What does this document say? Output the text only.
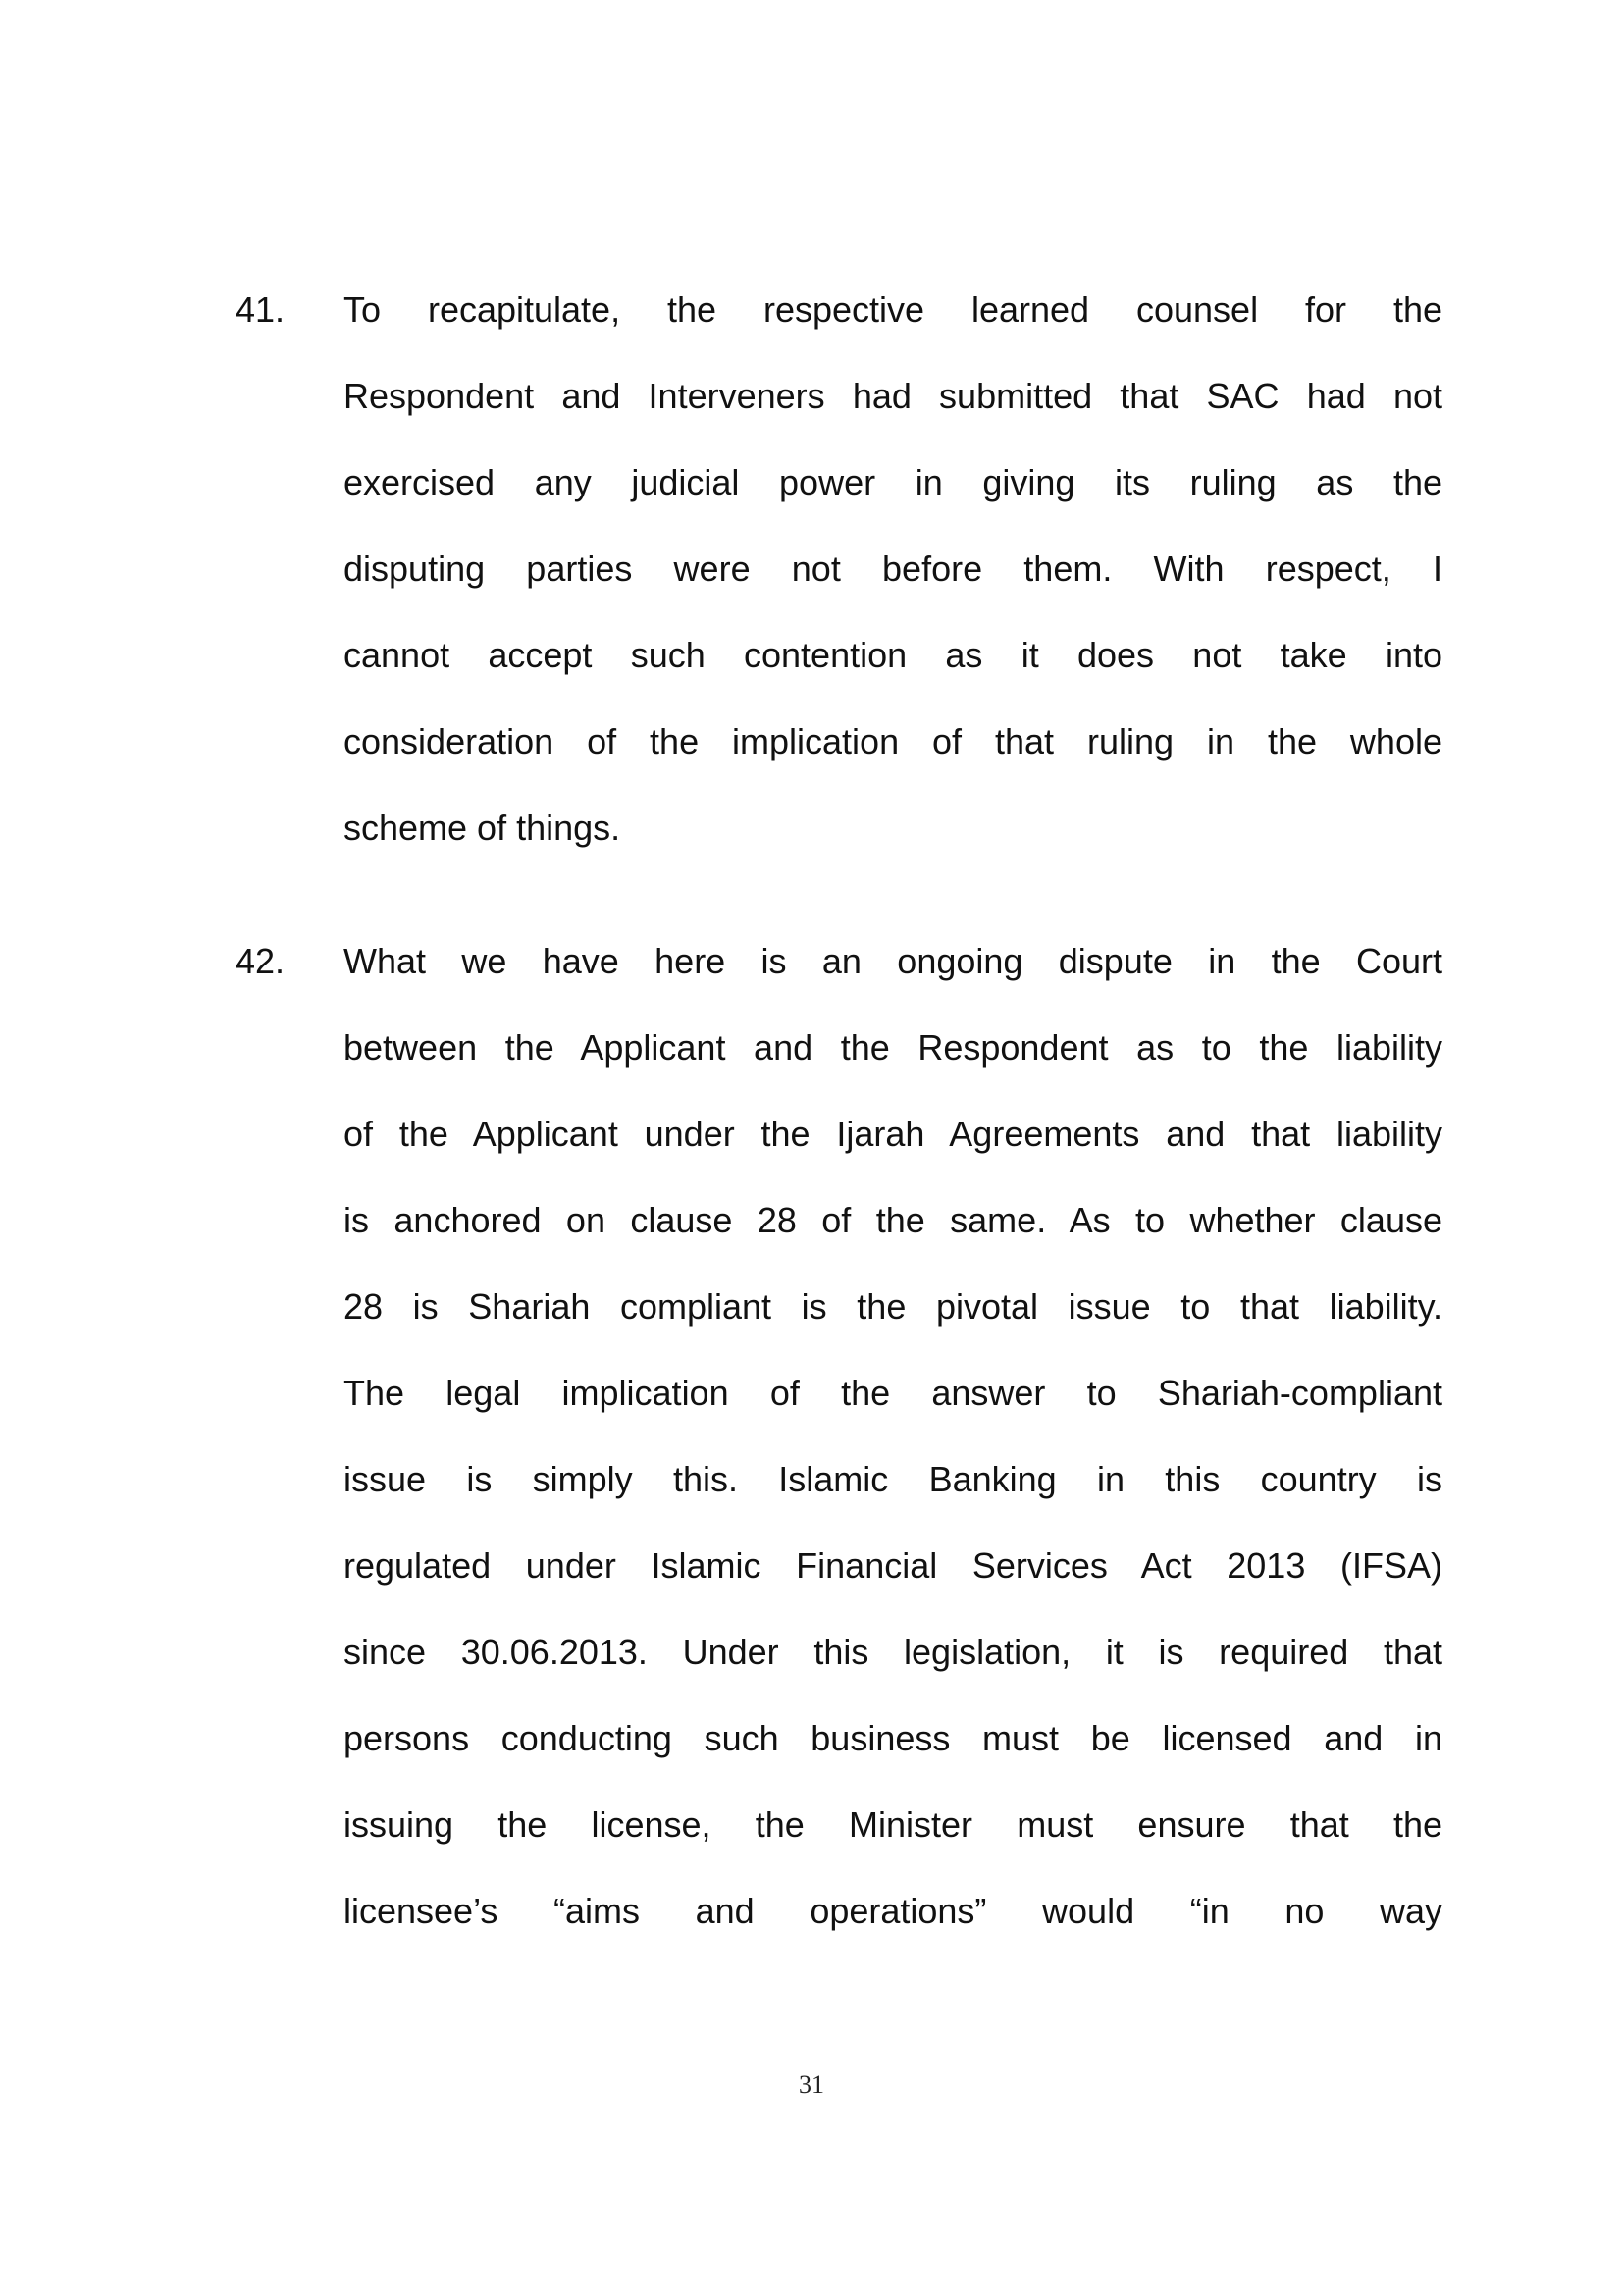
41. To recapitulate, the respective learned counsel for the
Respondent and Interveners had submitted that SAC had not
exercised any judicial power in giving its ruling as the
disputing parties were not before them. With respect, I
cannot accept such contention as it does not take into
consideration of the implication of that ruling in the whole
scheme of things.
42. What we have here is an ongoing dispute in the Court
between the Applicant and the Respondent as to the liability
of the Applicant under the Ijarah Agreements and that liability
is anchored on clause 28 of the same. As to whether clause
28 is Shariah compliant is the pivotal issue to that liability.
The legal implication of the answer to Shariah-compliant
issue is simply this. Islamic Banking in this country is
regulated under Islamic Financial Services Act 2013 (IFSA)
since 30.06.2013. Under this legislation, it is required that
persons conducting such business must be licensed and in
issuing the license, the Minister must ensure that the
licensee’s “aims and operations” would “in no way
31
